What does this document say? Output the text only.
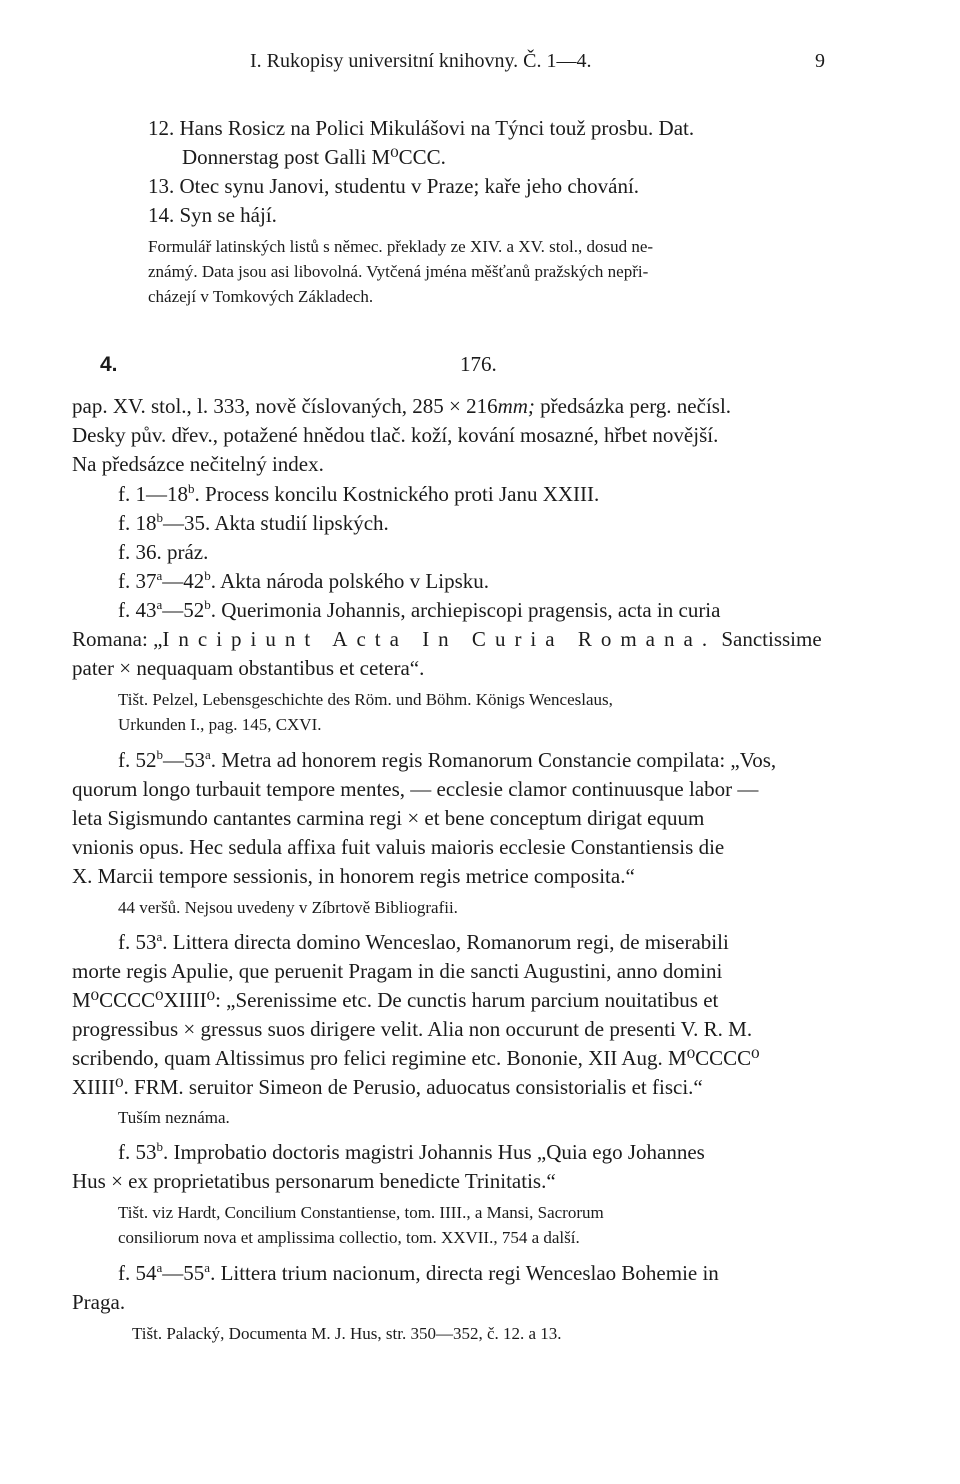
I. Rukopisy universitní knihovny. Č. 1—4.	9
12. Hans Rosicz na Polici Mikulášovi na Týnci touž prosbu. Dat.
Donnerstag post Galli M⁰CCC.
13. Otec synu Janovi, studentu v Praze; kaře jeho chování.
14. Syn se hájí.
Formulář latinských listů s němec. překlady ze XIV. a XV. stol., dosud ne-
známý. Data jsou asi libovolná. Vytčená jména měšťanů pražských nepři-
cházejí v Tomkových Základech.
4.	176.
pap. XV. stol., l. 333, nově číslovaných, 285 × 216mm; předsázka perg. nečísl.
Desky pův. dřev., potažené hnědou tlač. koží, kování mosazné, hřbet novější.
Na předsázce nečitelný index.
f. 1—18$^b$. Process koncilu Kostnického proti Janu XXIII.
f. 18$^b$—35. Akta studií lipských.
f. 36. práz.
f. 37$^a$—42$^b$. Akta národa polského v Lipsku.
f. 43$^a$—52$^b$. Querimonia Johannis, archiepiscopi pragensis, acta in curia
Romana: „Incipiunt Acta In Curia Romana. Sanctissime
pater × nequaquam obstantibus et cetera“.
Tišt. Pelzel, Lebensgeschichte des Röm. und Böhm. Königs Wenceslaus,
Urkunden I., pag. 145, CXVI.
f. 52$^b$—53$^a$. Metra ad honorem regis Romanorum Constancie compilata: „Vos,
quorum longo turbauit tempore mentes, — ecclesie clamor continuusque labor —
leta Sigismundo cantantes carmina regi × et bene conceptum dirigat equum
vnionis opus. Hec sedula affixa fuit valuis maioris ecclesie Constantiensis die
X. Marcii tempore sessionis, in honorem regis metrice composita.“
44 veršů. Nejsou uvedeny v Zíbrtově Bibliografii.
f. 53$^a$. Littera directa domino Wenceslao, Romanorum regi, de miserabili
morte regis Apulie, que peruenit Pragam in die sancti Augustini, anno domini
M⁰CCCC⁰XIIII⁰: „Serenissime etc. De cunctis harum parcium nouitatibus et
progressibus × gressus suos dirigere velit. Alia non occurunt de presenti V. R. M.
scribendo, quam Altissimus pro felici regimine etc. Bononie, XII Aug. M⁰CCCC⁰
XIIII⁰. FRM. seruitor Simeon de Perusio, aduocatus consistorialis et fisci.“
Tuším neznáma.
f. 53$^b$. Improbatio doctoris magistri Johannis Hus „Quia ego Johannes
Hus × ex proprietatibus personarum benedicte Trinitatis.“
Tišt. viz Hardt, Concilium Constantiense, tom. IIII., a Mansi, Sacrorum
consiliorum nova et amplissima collectio, tom. XXVII., 754 a další.
f. 54$^a$—55$^a$. Littera trium nacionum, directa regi Wenceslao Bohemie in
Praga.
Tišt. Palacký, Documenta M. J. Hus, str. 350—352, č. 12. a 13.
